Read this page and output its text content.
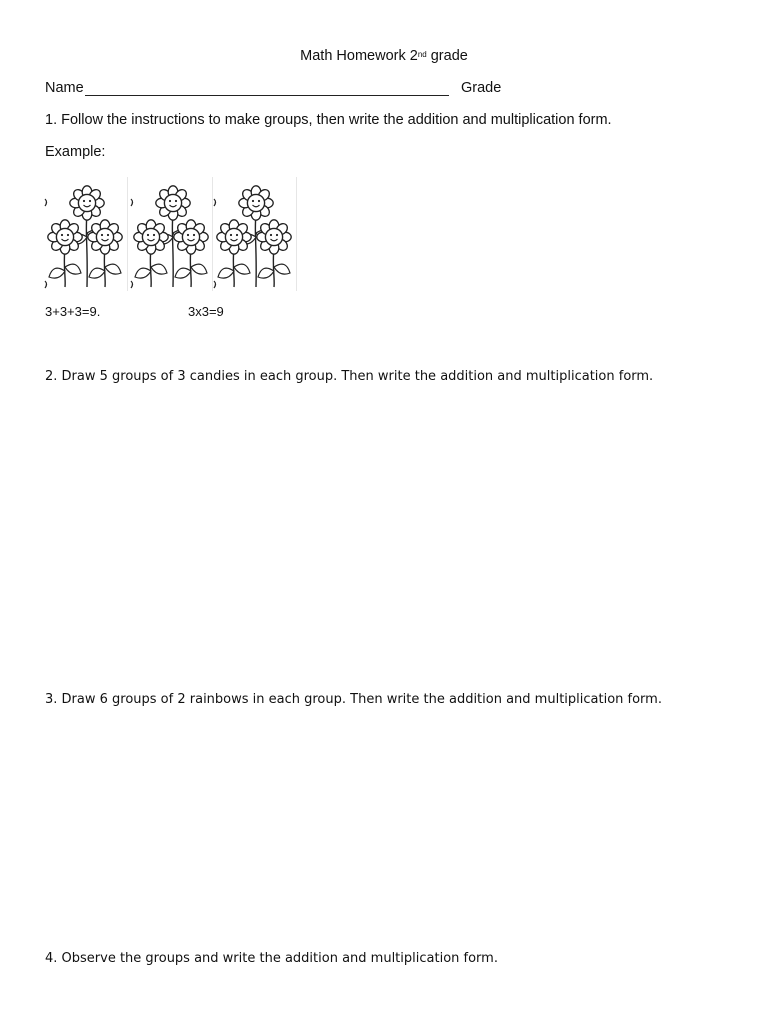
Math Homework 2nd grade
Name	Grade
1. Follow the instructions to make groups, then write the addition and multiplication form.
Example:
3+3+3=9.	3x3=9
2. Draw 5 groups of 3 candies in each group. Then write the addition and multiplication form.
3. Draw 6 groups of 2 rainbows in each group. Then write the addition and multiplication form.
4. Observe the groups and write the addition and multiplication form.
